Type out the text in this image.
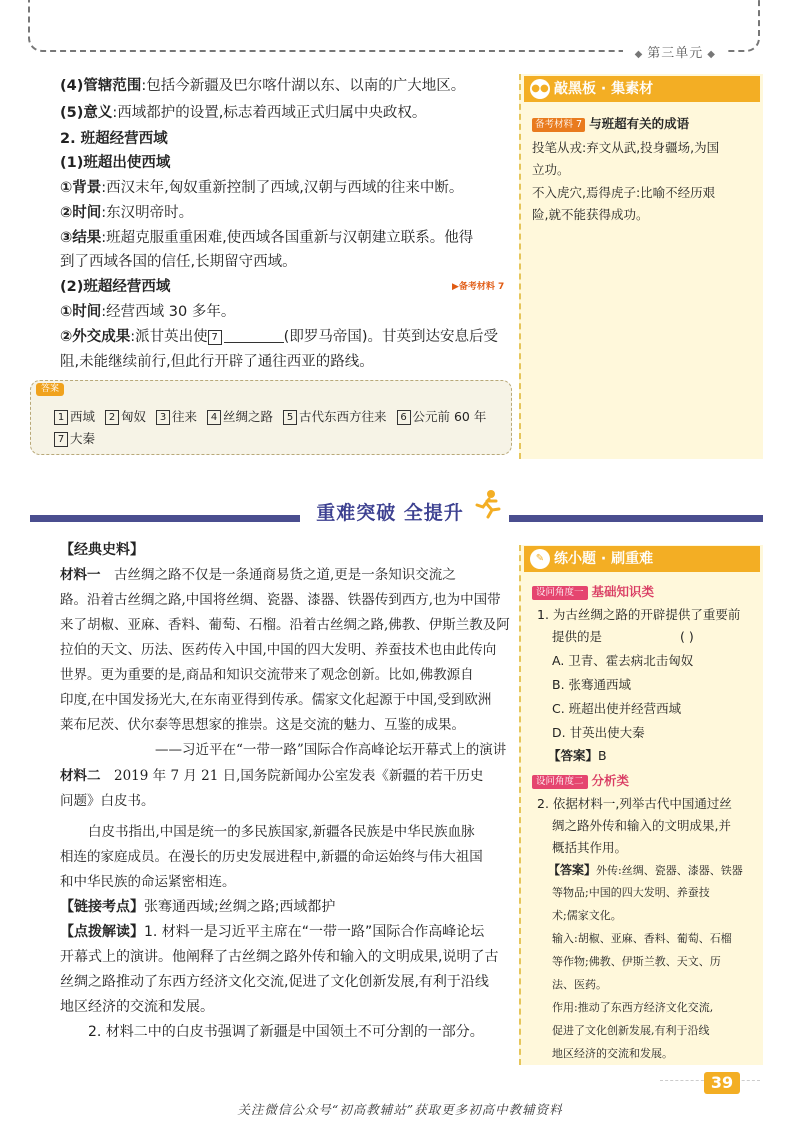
◆ 第三单元 ◆
(4)管辖范围:包括今新疆及巴尔喀什湖以东、以南的广大地区。
(5)意义:西域都护的设置,标志着西域正式归属中央政权。
2. 班超经营西域
(1)班超出使西域
①背景:西汉末年,匈奴重新控制了西域,汉朝与西域的往来中断。
②时间:东汉明帝时。
③结果:班超克服重重困难,使西域各国重新与汉朝建立联系。他得
到了西域各国的信任,长期留守西域。
(2)班超经营西域	▶备考材料 7
①时间:经营西域 30 多年。
②外交成果:派甘英出使 7	(即罗马帝国)。甘英到达安息后受
阻,未能继续前行,但此行开辟了通往西亚的路线。
答案
1 西域 2 匈奴 3 往来 4 丝绸之路 5 古代东西方往来 6 公元前 60 年
7 大秦
●● 敲黑板 · 集素材
备考材料 7 与班超有关的成语
投笔从戎:弃文从武,投身疆场,为国
立功。
不入虎穴,焉得虎子:比喻不经历艰
险,就不能获得成功。
重难突破 全提升
【经典史料】
材料一　 古丝绸之路不仅是一条通商易货之道,更是一条知识交流之
路。沿着古丝绸之路,中国将丝绸、瓷器、漆器、铁器传到西方,也为中国带
来了胡椒、亚麻、香料、葡萄、石榴。沿着古丝绸之路,佛教、伊斯兰教及阿
拉伯的天文、历法、医药传入中国,中国的四大发明、养蚕技术也由此传向
世界。更为重要的是,商品和知识交流带来了观念创新。比如,佛教源自
印度,在中国发扬光大,在东南亚得到传承。儒家文化起源于中国,受到欧洲
莱布尼茨、伏尔泰等思想家的推崇。这是交流的魅力、互鉴的成果。
——习近平在“一带一路”国际合作高峰论坛开幕式上的演讲
材料二　 2019 年 7 月 21 日,国务院新闻办公室发表《新疆的若干历史
问题》白皮书。
白皮书指出,中国是统一的多民族国家,新疆各民族是中华民族血脉
相连的家庭成员。在漫长的历史发展进程中,新疆的命运始终与伟大祖国
和中华民族的命运紧密相连。
【链接考点】张骞通西域;丝绸之路;西域都护
【点拨解读】1. 材料一是习近平主席在“一带一路”国际合作高峰论坛
开幕式上的演讲。他阐释了古丝绸之路外传和输入的文明成果,说明了古
丝绸之路推动了东西方经济文化交流,促进了文化创新发展,有利于沿线
地区经济的交流和发展。
2. 材料二中的白皮书强调了新疆是中国领土不可分割的一部分。
✎ 练小题 · 刷重难
设问角度一 基础知识类
1. 为古丝绸之路的开辟提供了重要前
提供的是	( )
A. 卫青、霍去病北击匈奴
B. 张骞通西域
C. 班超出使并经营西域
D. 甘英出使大秦
【答案】B
设问角度二 分析类
2. 依据材料一,列举古代中国通过丝
绸之路外传和输入的文明成果,并
概括其作用。
【答案】外传:丝绸、瓷器、漆器、铁器
等物品;中国的四大发明、养蚕技
术;儒家文化。
输入:胡椒、亚麻、香料、葡萄、石榴
等作物;佛教、伊斯兰教、天文、历
法、医药。
作用:推动了东西方经济文化交流,
促进了文化创新发展,有利于沿线
地区经济的交流和发展。
39
关注微信公众号“初高教辅站”获取更多初高中教辅资料
